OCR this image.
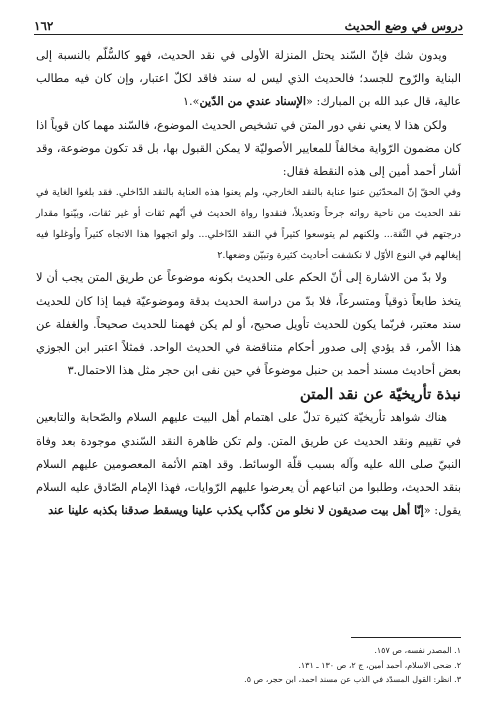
دروس في وضع الحديث
١٦٢

ويدون شك فإنّ السّند يحتل المنزلة الأولى في نقد الحديث، فهو كالسُّلّم بالنسبة إلى البناية والرّوح للجسد؛ فالحديث الذي ليس له سند فاقد لكلّ اعتبار، وإن كان فيه مطالب عالية، قال عبد الله بن المبارك: «الإسناد عندي من الدّين».١

ولكن هذا لا يعني نفي دور المتن في تشخيص الحديث الموضوع، فالسّند مهما كان قوياً اذا كان مضمون الرّواية مخالفاً للمعايير الأصوليّة لا يمكن القبول بها، بل قد تكون موضوعة، وقد أشار أحمد أمين إلى هذه النقطة فقال:

وفي الحقّ إنّ المحدّثين عنوا عناية بالنقد الخارجي، ولم يعنوا هذه العناية بالنقد الدّاخلي. فقد بلغوا الغاية في نقد الحديث من ناحية رواته جرحاً وتعديلاً، فنقدوا رواة الحديث في أنّهم ثقات أو غير ثقات، وبيّنوا مقدار درجتهم في الثّقة... ولكنهم لم يتوسعوا كثيراً في النقد الدّاخلي... ولو اتجهوا هذا الاتجاه كثيراً وأوغلوا فيه إيغالهم في النوع الأوّل لا نكشفت أحاديث كثيرة وتبيّن وضعها.٢

ولا بدّ من الاشارة إلى أنّ الحكم على الحديث بكونه موضوعاً عن طريق المتن يجب أن لا يتخذ طابعاً ذوقياً ومتسرعاً، فلا بدّ من دراسة الحديث بدقة وموضوعيّة فيما إذا كان للحديث سند معتبر، فربّما يكون للحديث تأويل صحيح، أو لم يكن فهمنا للحديث صحيحاً. والغفلة عن هذا الأمر، قد يؤدي إلى صدور أحكام متناقضة في الحديث الواحد. فمثلاً اعتبر ابن الجوزي بعض أحاديث مسند أحمد بن حنبل موضوعاً في حين نفى ابن حجر مثل هذا الاحتمال.٣

نبذة تأريخيّة عن نقد المتن

هناك شواهد تأريخيّة كثيرة تدلّ على اهتمام أهل البيت عليهم السلام والصّحابة والتابعين في تقييم ونقد الحديث عن طريق المتن. ولم تكن ظاهرة النقد السّندي موجودة بعد وفاة النبيّ صلى الله عليه وآله بسبب قلّة الوسائط. وقد اهتم الأئمة المعصومين عليهم السلام بنقد الحديث، وطلبوا من اتباعهم أن يعرضوا عليهم الرّوايات، فهذا الإمام الصّادق عليه السلام يقول: «إنّا أهل بيت صديقون لا نخلو من كذّاب يكذب علينا ويسقط صدقنا بكذبه علينا عند

١. المصدر نفسه، ص ١٥٧.
٢. ضحى الاسلام، أحمد أمين، ج ٢، ص ١٣٠ ـ ١٣١.
٣. انظر: القول المسدّد في الذب عن مسند احمد، ابن حجر، ص ٥.
